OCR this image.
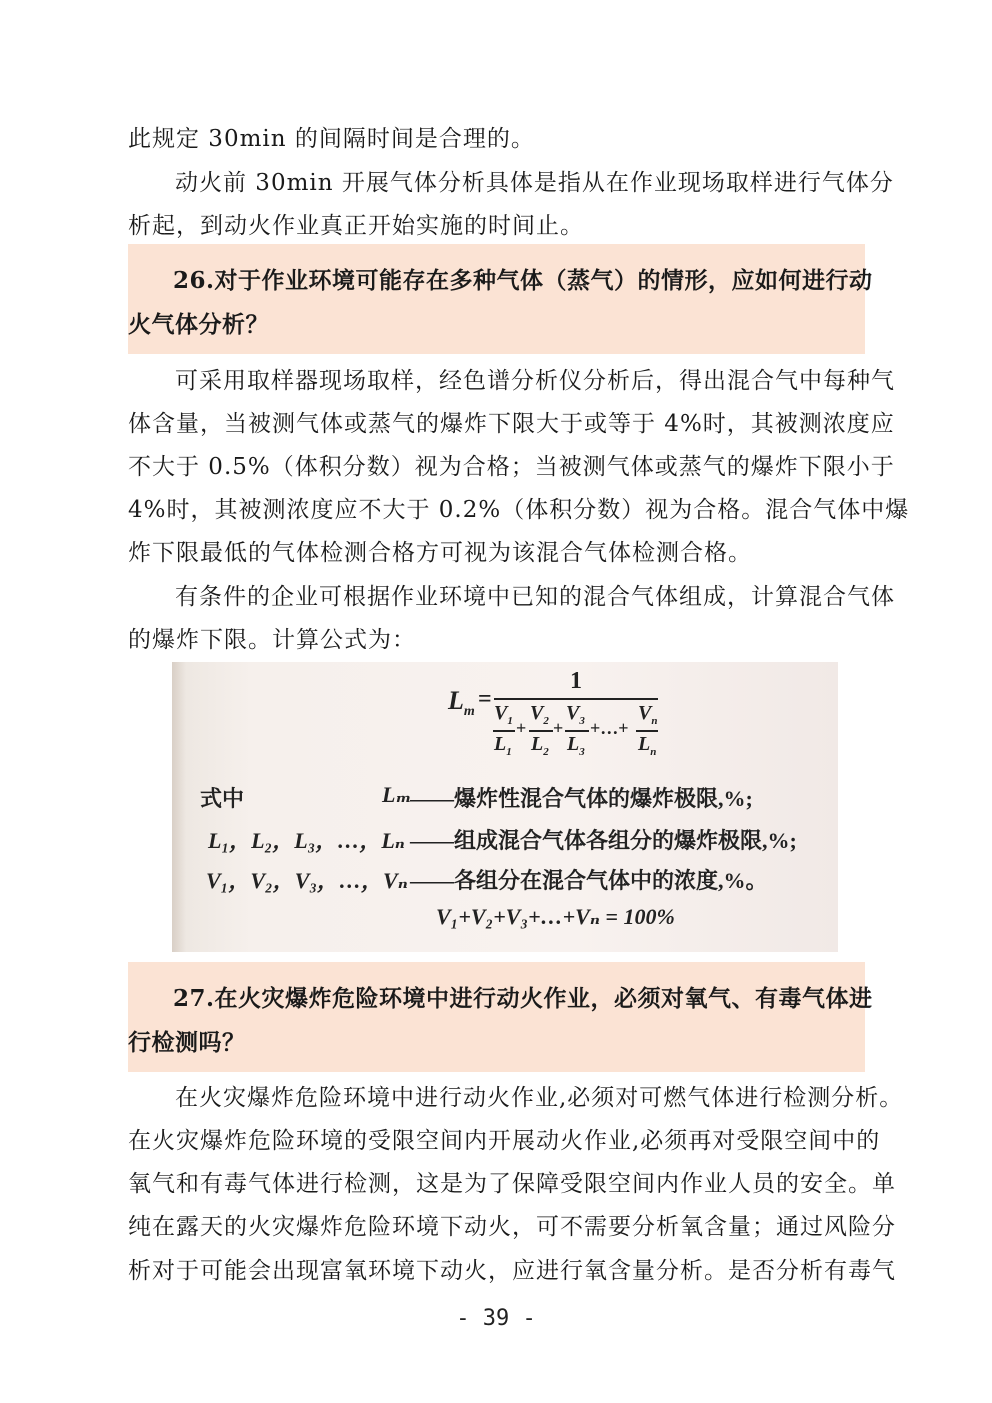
此规定 30min 的间隔时间是合理的。
动火前 30min 开展气体分析具体是指从在作业现场取样进行气体分
析起，到动火作业真正开始实施的时间止。
26.对于作业环境可能存在多种气体（蒸气）的情形，应如何进行动
火气体分析？
可采用取样器现场取样，经色谱分析仪分析后，得出混合气中每种气
体含量，当被测气体或蒸气的爆炸下限大于或等于 4%时，其被测浓度应
不大于 0.5%（体积分数）视为合格；当被测气体或蒸气的爆炸下限小于
4%时，其被测浓度应不大于 0.2%（体积分数）视为合格。混合气体中爆
炸下限最低的气体检测合格方可视为该混合气体检测合格。
有条件的企业可根据作业环境中已知的混合气体组成，计算混合气体
的爆炸下限。计算公式为：
$L_m$ =
1
$V_1$
$L_1$
+
$V_2$
$L_2$
+
$V_3$
$L_3$
+…+
$V_n$
$L_n$
式中	Lₘ
——爆炸性混合气体的爆炸极限,%;
L₁，L₂，L₃，…，Lₙ ——组成混合气体各组分的爆炸极限,%;
V₁，V₂，V₃，…，Vₙ ——各组分在混合气体中的浓度,%。
V₁+V₂+V₃+…+Vₙ = 100%
27.在火灾爆炸危险环境中进行动火作业，必须对氧气、有毒气体进
行检测吗？
在火灾爆炸危险环境中进行动火作业,必须对可燃气体进行检测分析。
在火灾爆炸危险环境的受限空间内开展动火作业,必须再对受限空间中的
氧气和有毒气体进行检测，这是为了保障受限空间内作业人员的安全。单
纯在露天的火灾爆炸危险环境下动火，可不需要分析氧含量；通过风险分
析对于可能会出现富氧环境下动火，应进行氧含量分析。是否分析有毒气
- 39 -
